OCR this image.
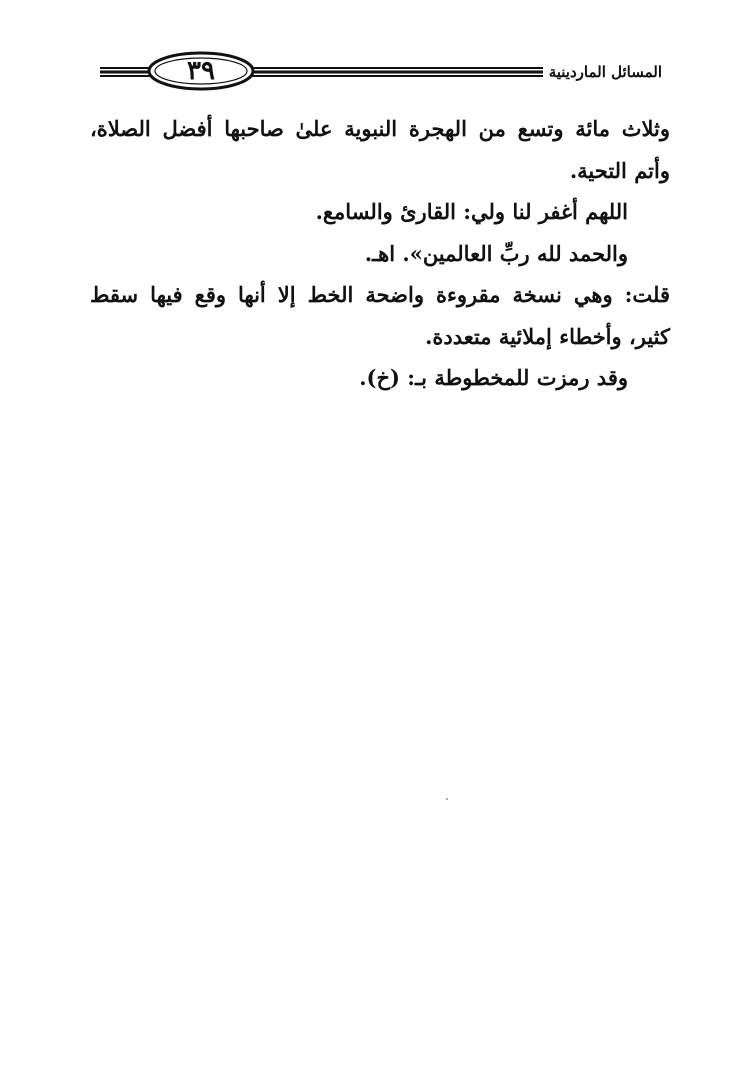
٣٩	المسائل الماردينية
وثلاث مائة وتسع من الهجرة النبوية علىٰ صاحبها أفضل الصلاة،
وأتم التحية.
اللهم أغفر لنا ولي: القارئ والسامع.
والحمد لله ربِّ العالمين». اهـ.
قلت: وهي نسخة مقروءة واضحة الخط إلا أنها وقع فيها سقط
كثير، وأخطاء إملائية متعددة.
وقد رمزت للمخطوطة بـ: (خ).
